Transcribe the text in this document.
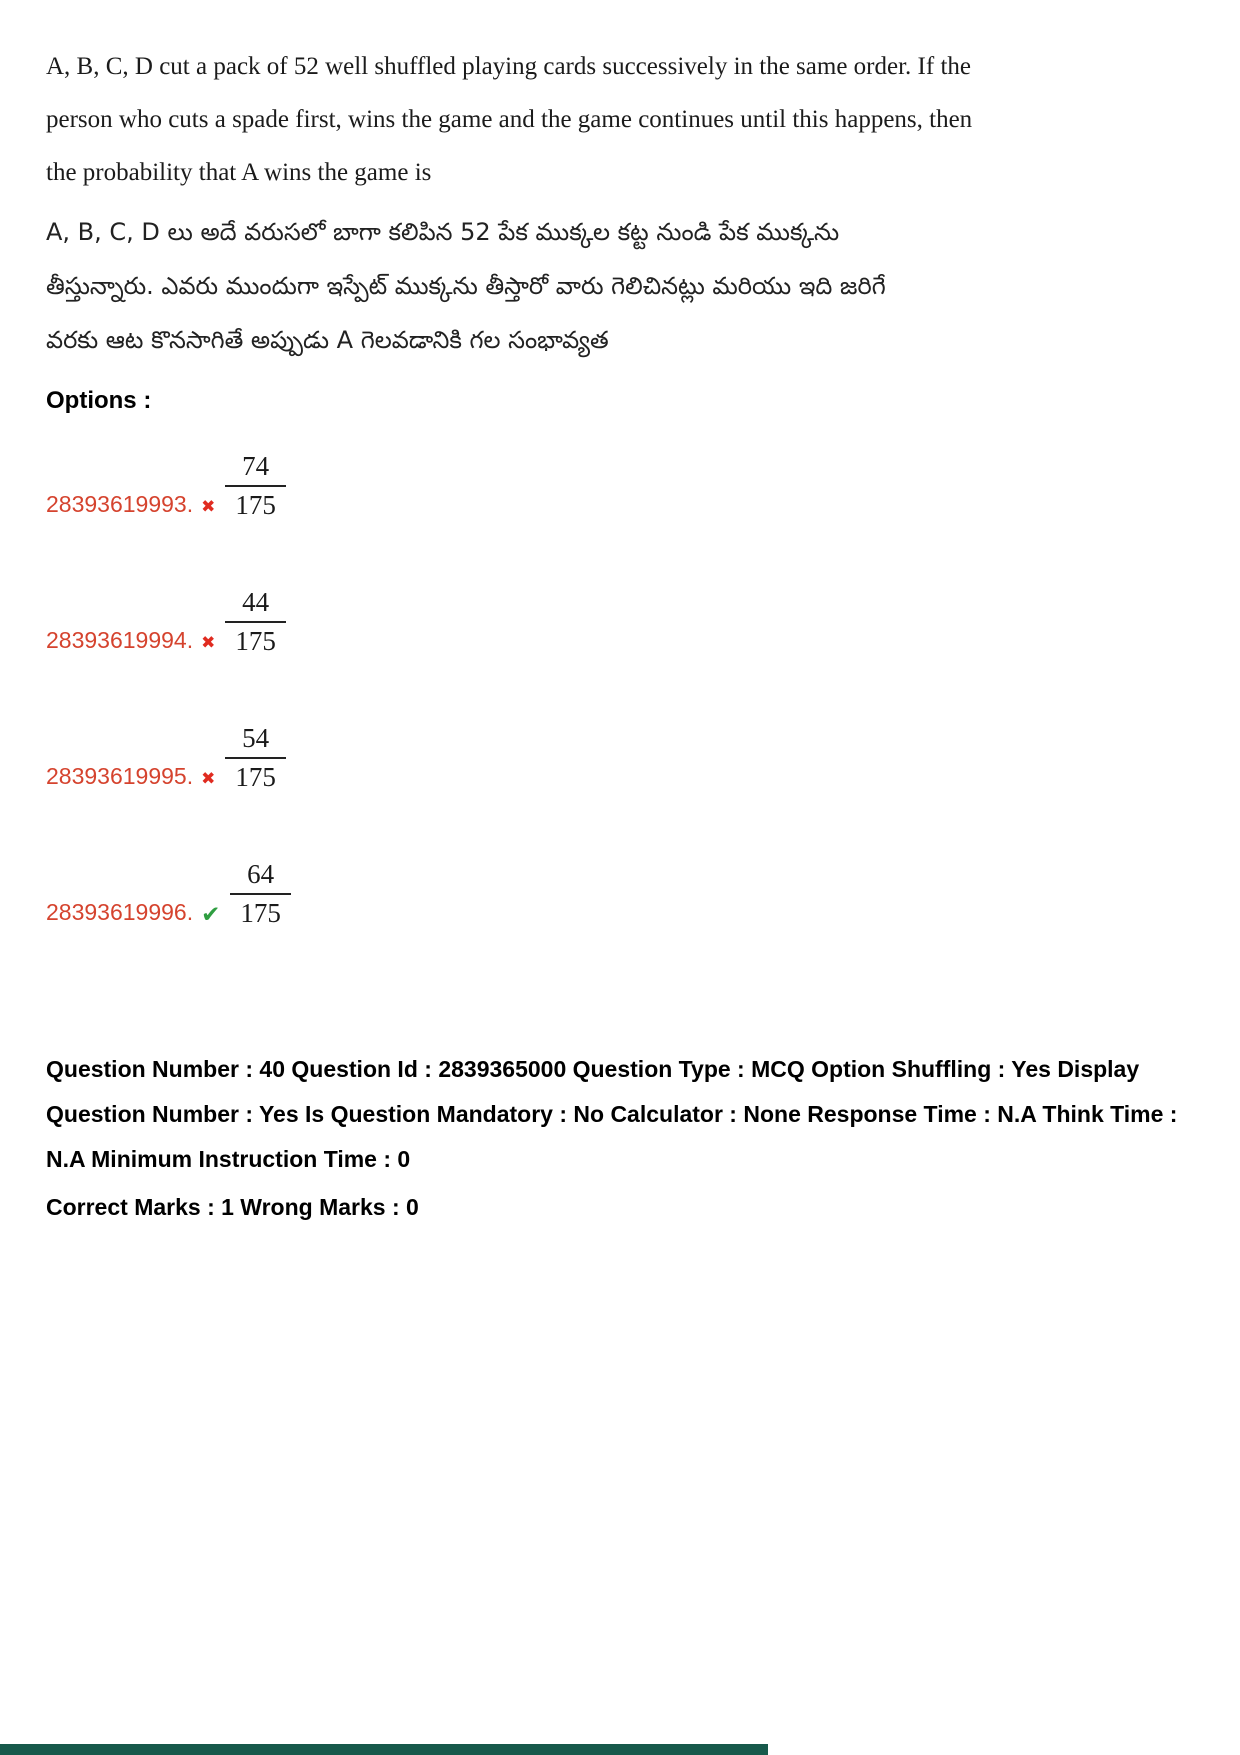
A, B, C, D cut a pack of 52 well shuffled playing cards successively in the same order. If the
person who cuts a spade first, wins the game and the game continues until this happens, then
the probability that A wins the game is
A, B, C, D లు అదే వరుసలో బాగా కలిపిన 52 పేక ముక్కల కట్ట నుండి పేక ముక్కను
తీస్తున్నారు. ఎవరు ముందుగా ఇస్పేట్ ముక్కను తీస్తారో వారు గెలిచినట్లు మరియు ఇది జరిగే
వరకు ఆట కొనసాగితే అప్పుడు A గెలవడానికి గల సంభావ్యత
Options :
28393619993. ✖ $\frac{74}{175}$
28393619994. ✖ $\frac{44}{175}$
28393619995. ✖ $\frac{54}{175}$
28393619996. ✔ $\frac{64}{175}$
Question Number : 40 Question Id : 2839365000 Question Type : MCQ Option Shuffling : Yes Display Question Number : Yes Is Question Mandatory : No Calculator : None Response Time : N.A Think Time : N.A Minimum Instruction Time : 0
Correct Marks : 1 Wrong Marks : 0
